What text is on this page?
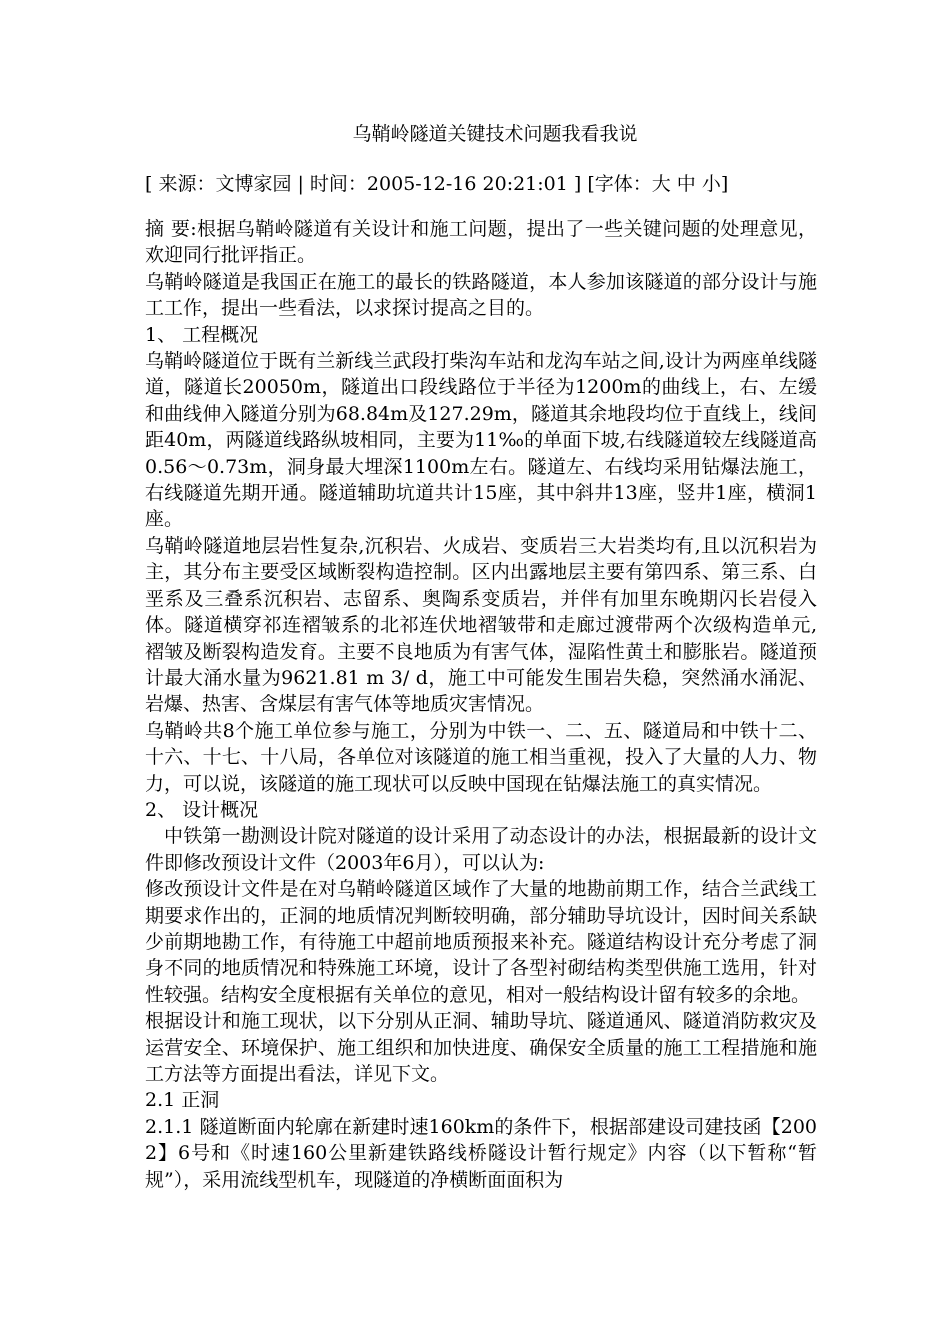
乌鞘岭隧道关键技术问题我看我说
[ 来源：文博家园 | 时间：2005-12-16 20:21:01 ] [字体：大 中 小]

摘 要:根据乌鞘岭隧道有关设计和施工问题，提出了一些关键问题的处理意见，欢迎同行批评指正。

乌鞘岭隧道是我国正在施工的最长的铁路隧道，本人参加该隧道的部分设计与施工工作，提出一些看法，以求探讨提高之目的。

1、 工程概况

乌鞘岭隧道位于既有兰新线兰武段打柴沟车站和龙沟车站之间,设计为两座单线隧道，隧道长20050m，隧道出口段线路位于半径为1200m的曲线上，右、左缓和曲线伸入隧道分别为68.84m及127.29m，隧道其余地段均位于直线上，线间距40m，两隧道线路纵坡相同，主要为11‰的单面下坡,右线隧道较左线隧道高0.56～0.73m，洞身最大埋深1100m左右。隧道左、右线均采用钻爆法施工，右线隧道先期开通。隧道辅助坑道共计15座，其中斜井13座，竖井1座，横洞1座。

乌鞘岭隧道地层岩性复杂,沉积岩、火成岩、变质岩三大岩类均有,且以沉积岩为主，其分布主要受区域断裂构造控制。区内出露地层主要有第四系、第三系、白垩系及三叠系沉积岩、志留系、奥陶系变质岩，并伴有加里东晚期闪长岩侵入体。隧道横穿祁连褶皱系的北祁连伏地褶皱带和走廊过渡带两个次级构造单元, 褶皱及断裂构造发育。主要不良地质为有害气体，湿陷性黄土和膨胀岩。隧道预计最大涌水量为9621.81 m 3/ d，施工中可能发生围岩失稳，突然涌水涌泥、岩爆、热害、含煤层有害气体等地质灾害情况。

乌鞘岭共8个施工单位参与施工，分别为中铁一、二、五、隧道局和中铁十二、十六、十七、十八局，各单位对该隧道的施工相当重视，投入了大量的人力、物力，可以说，该隧道的施工现状可以反映中国现在钻爆法施工的真实情况。

2、 设计概况

中铁第一勘测设计院对隧道的设计采用了动态设计的办法，根据最新的设计文件即修改预设计文件（2003年6月），可以认为:

修改预设计文件是在对乌鞘岭隧道区域作了大量的地勘前期工作，结合兰武线工期要求作出的，正洞的地质情况判断较明确，部分辅助导坑设计，因时间关系缺少前期地勘工作，有待施工中超前地质预报来补充。隧道结构设计充分考虑了洞身不同的地质情况和特殊施工环境，设计了各型衬砌结构类型供施工选用，针对性较强。结构安全度根据有关单位的意见，相对一般结构设计留有较多的余地。

根据设计和施工现状，以下分别从正洞、辅助导坑、隧道通风、隧道消防救灾及运营安全、环境保护、施工组织和加快进度、确保安全质量的施工工程措施和施工方法等方面提出看法，详见下文。

2.1 正洞

2.1.1 隧道断面内轮廓在新建时速160km的条件下，根据部建设司建技函【2002】6号和《时速160公里新建铁路线桥隧设计暂行规定》内容（以下暂称“暂规”），采用流线型机车，现隧道的净横断面面积为
